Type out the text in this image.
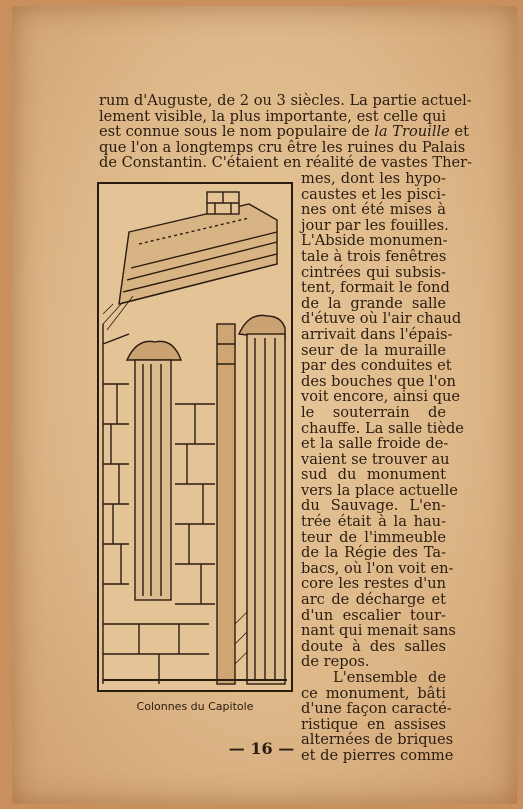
rum d'Auguste, de 2 ou 3 siècles. La partie actuel-
lement visible, la plus importante, est celle qui
est connue sous le nom populaire de la Trouille et
que l'on a longtemps cru être les ruines du Palais
de Constantin. C'étaient en réalité de vastes Ther-
mes, dont les hypo-
caustes et les pisci-
nes ont été mises à
jour par les fouilles.
L'Abside monumen-
tale à trois fenêtres
cintrées qui subsis-
tent, formait le fond
de la grande salle
d'étuve où l'air chaud
arrivait dans l'épais-
seur de la muraille
par des conduites et
des bouches que l'on
voit encore, ainsi que
le souterrain de
chauffe. La salle tiède
et la salle froide de-
vaient se trouver au
sud du monument
vers la place actuelle
du Sauvage. L'en-
trée était à la hau-
teur de l'immeuble
de la Régie des Ta-
bacs, où l'on voit en-
core les restes d'un
arc de décharge et
d'un escalier tour-
nant qui menait sans
doute à des salles
de repos.
L'ensemble de
ce monument, bâti
d'une façon caracté-
ristique en assises
alternées de briques
et de pierres comme
Colonnes du Capitole
— 16 —
